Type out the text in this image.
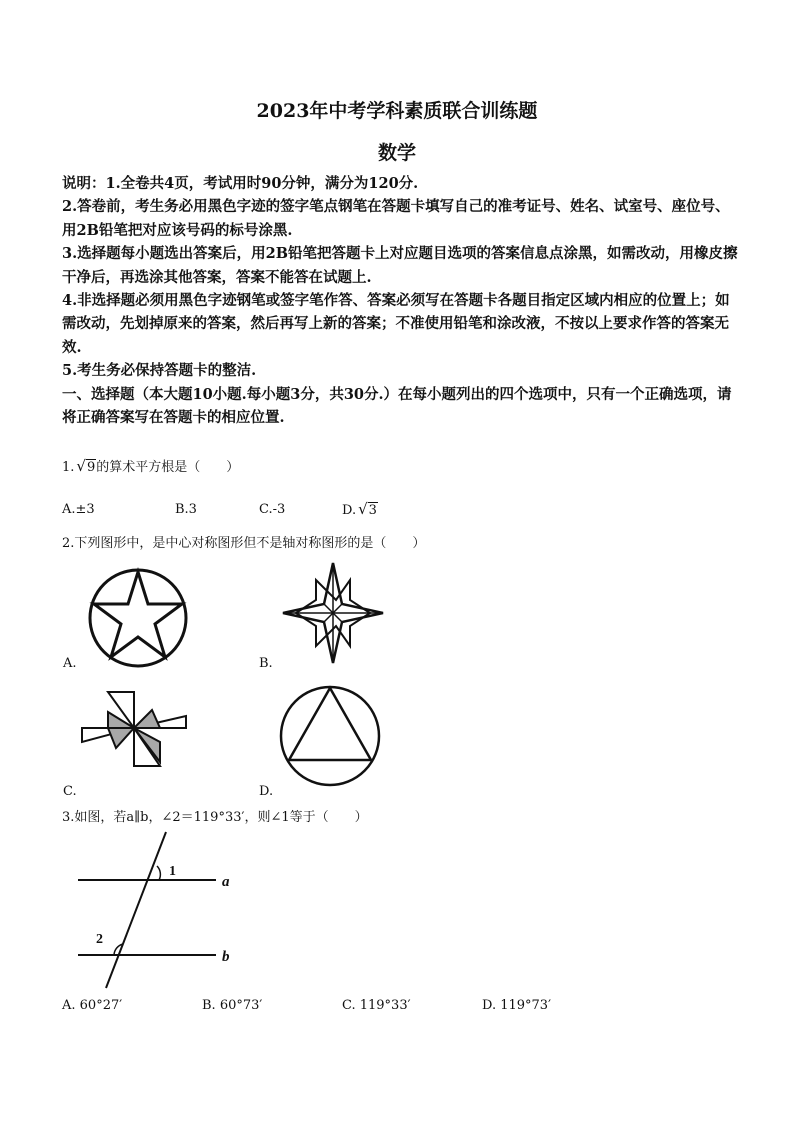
2023年中考学科素质联合训练题
数学

说明：1.全卷共4页，考试用时90分钟，满分为120分.

2.答卷前，考生务必用黑色字迹的签字笔点钢笔在答题卡填写自己的准考证号、姓名、试室号、座位号、用2B铅笔把对应该号码的标号涂黑.

3.选择题每小题选出答案后，用2B铅笔把答题卡上对应题目选项的答案信息点涂黑，如需改动，用橡皮擦干净后，再选涂其他答案，答案不能答在试题上.

4.非选择题必须用黑色字迹钢笔或签字笔作答、答案必须写在答题卡各题目指定区域内相应的位置上；如需改动，先划掉原来的答案，然后再写上新的答案；不准使用铅笔和涂改液，不按以上要求作答的答案无效.

5.考生务必保持答题卡的整洁.

一、选择题（本大题10小题.每小题3分，共30分.）在每小题列出的四个选项中，只有一个正确选项，请将正确答案写在答题卡的相应位置.

1. √9的算术平方根是（　　）
A.±3	B.3	C.-3	D. √3
2.下列图形中，是中心对称图形但不是轴对称图形的是（　　）
A.	B.
C.	D.
3.如图，若a∥b，∠2＝119°33′，则∠1等于（　　）
1
2
a
b
A. 60°27′	B. 60°73′	C. 119°33′	D. 119°73′
